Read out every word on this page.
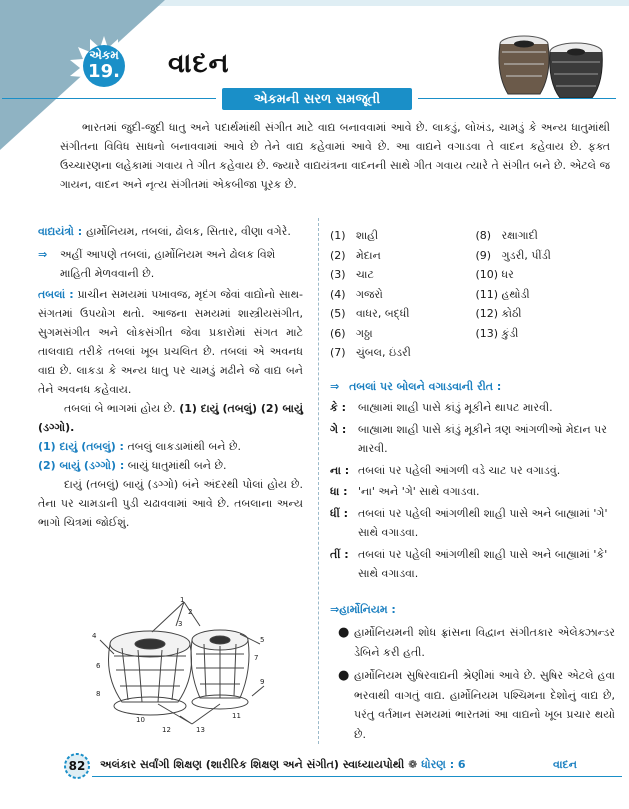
એકમ
19. વાદન
એકમની સરળ સમજૂતી

ભારતમાં જુદી-જુદી ધાતુ અને પદાર્થમાંથી સંગીત માટે વાદ્ય બનાવવામાં આવે છે. લાકડું, લોખંડ, ચામડું કે અન્ય ધાતુમાંથી સંગીતના વિવિધ સાધનો બનાવવામાં આવે છે તેને વાદ્ય કહેવામાં આવે છે. આ વાદ્યને વગાડવા તે વાદન કહેવાય છે. ફક્ત ઉચ્ચારણના લહેકામાં ગવાય તે ગીત કહેવાય છે. જ્યારે વાદ્યયંત્રના વાદનની સાથે ગીત ગવાય ત્યારે તે સંગીત બને છે. એટલે જ ગાયન, વાદન અને નૃત્ય સંગીતમાં એકબીજા પૂરક છે.

વાદ્યયંત્રો : હાર્મોનિયમ, તબલાં, ઢોલક, સિતાર, વીણા વગેરે.
⇒	અહીં આપણે તબલાં, હાર્મોનિયમ અને ઢોલક વિશે માહિતી મેળવવાની છે.
તબલાં : પ્રાચીન સમયમાં પખાવજ, મૃદંગ જેવાં વાદ્યોનો સાથ-સંગતમાં ઉપયોગ થતો. આજના સમયમાં શાસ્ત્રીયસંગીત, સુગમસંગીત અને લોકસંગીત જેવા પ્રકારોમાં સંગત માટે તાલવાદ્ય તરીકે તબલાં ખૂબ પ્રચલિત છે. તબલાં એ અવનધ વાદ્ય છે. લાકડા કે અન્ય ધાતુ પર ચામડું મઢીને જે વાદ્ય બને તેને અવનધ કહેવાય.
તબલાં બે ભાગમાં હોય છે. (1) દાયું (તબલું) (2) બાયું (ડગ્ગો).
(1) દાયું (તબલું) : તબલું લાકડામાંથી બને છે.
(2) બાયું (ડગ્ગો) : બાયું ધાતુમાંથી બને છે.
દાયું (તબલું) બાયું (ડગ્ગો) બંને અંદરથી પોલાં હોય છે. તેના પર ચામડાની પુડી ચઢાવવામાં આવે છે. તબલાના અન્ય ભાગો ચિત્રમાં જોઈશું.
1
2
3
4	5
6
7
8
9
10	11
12	13
(1) શાહી	(8) રક્ષાગાદી
(2) મેદાન	(9) ગુડરી, પીંડી
(3) ચાટ	(10) ધર
(4) ગજરો	(11) હથોડી
(5) વાધર, બદ્ધી	(12) કોઠી
(6) ગઠ્ઠા	(13) કુંડી
(7) ચુંબલ, ઇંડરી
⇒ તબલાં પર બોલને વગાડવાની રીત :
કે :	બાહ્યામાં શાહી પાસે કાંડું મૂકીને થાપટ મારવી.
ગે :	બાહ્યામા શાહી પાસે કાંડું મૂકીને ત્રણ આંગળીઓ મેદાન પર મારવી.
ના : તબલાં પર પહેલી આંગળી વડે ચાટ પર વગાડવું.
ધા : 'ના' અને 'ગે' સાથે વગાડવા.
ધીં : તબલાં પર પહેલી આંગળીથી શાહી પાસે અને બાહ્યામાં 'ગે' સાથે વગાડવા.
તીં : તબલાં પર પહેલી આંગળીથી શાહી પાસે અને બાહ્યામાં 'કે' સાથે વગાડવા.
⇒હાર્મોનિયમ :
● હાર્મોનિયમની શોધ ફ્રાંસના વિદ્વાન સંગીતકાર એલેક્ઝાન્ડર ડેબિને કરી હતી.
● હાર્મોનિયમ સુષિરવાદ્યની શ્રેણીમાં આવે છે. સુષિર એટલે હવા ભરવાથી વાગતું વાદ્ય. હાર્મોનિયમ પશ્ચિમના દેશોનું વાદ્ય છે, પરંતુ વર્તમાન સમયમાં ભારતમાં આ વાદ્યનો ખૂબ પ્રચાર થયો છે.
82	અલંકાર સર્વાંગી શિક્ષણ (શારીરિક શિક્ષણ અને સંગીત) સ્વાધ્યાયપોથી ❁ ધોરણ : 6	વાદન
